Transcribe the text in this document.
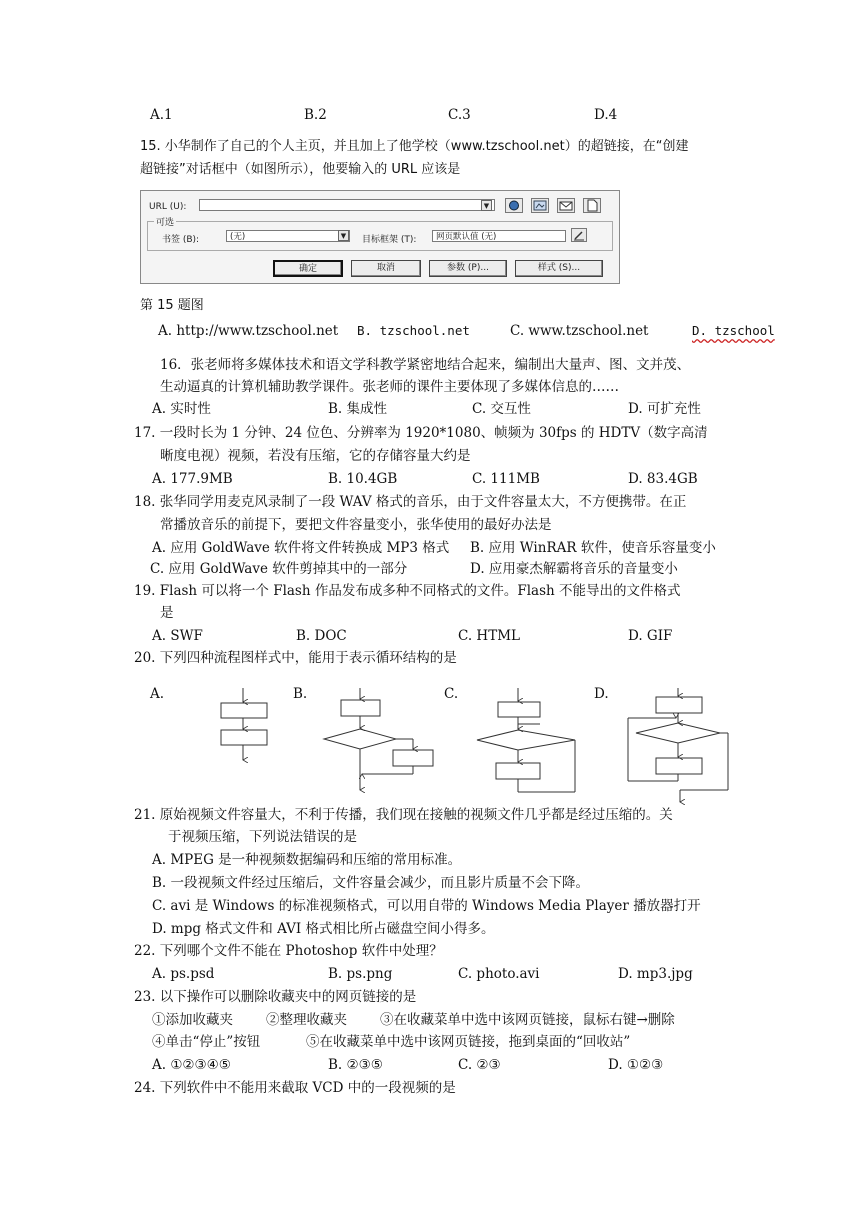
A.1	B.2	C.3	D.4
15. 小华制作了自己的个人主页，并且加上了他学校（www.tzschool.net）的超链接，在“创建
超链接”对话框中（如图所示），他要输入的 URL 应该是
URL (U):	▼
可选
书签 (B):	(无)	▼	目标框架 (T):	网页默认值 (无)
确定	取消	参数 (P)...	样式 (S)...
第 15 题图
A. http://www.tzschool.net B. tzschool.net	C. www.tzschool.net	D. tzschool
16．张老师将多媒体技术和语文学科教学紧密地结合起来，编制出大量声、图、文并茂、
生动逼真的计算机辅助教学课件。张老师的课件主要体现了多媒体信息的……
A. 实时性	B. 集成性	C. 交互性	D. 可扩充性
17. 一段时长为 1 分钟、24 位色、分辨率为 1920*1080、帧频为 30fps 的 HDTV（数字高清
晰度电视）视频，若没有压缩，它的存储容量大约是
A. 177.9MB	B. 10.4GB	C. 111MB	D. 83.4GB
18. 张华同学用麦克风录制了一段 WAV 格式的音乐，由于文件容量太大，不方便携带。在正
常播放音乐的前提下，要把文件容量变小，张华使用的最好办法是
A. 应用 GoldWave 软件将文件转换成 MP3 格式 B. 应用 WinRAR 软件，使音乐容量变小
C. 应用 GoldWave 软件剪掉其中的一部分	D. 应用豪杰解霸将音乐的音量变小
19. Flash 可以将一个 Flash 作品发布成多种不同格式的文件。Flash 不能导出的文件格式
是
A. SWF	B. DOC	C. HTML	D. GIF
20. 下列四种流程图样式中，能用于表示循环结构的是
A.	B.	C.	D.
21. 原始视频文件容量大，不利于传播，我们现在接触的视频文件几乎都是经过压缩的。关
于视频压缩，下列说法错误的是
A. MPEG 是一种视频数据编码和压缩的常用标准。
B. 一段视频文件经过压缩后，文件容量会减少，而且影片质量不会下降。
C. avi 是 Windows 的标准视频格式，可以用自带的 Windows Media Player 播放器打开
D. mpg 格式文件和 AVI 格式相比所占磁盘空间小得多。
22. 下列哪个文件不能在 Photoshop 软件中处理？
A. ps.psd	B. ps.png	C. photo.avi	D. mp3.jpg
23. 以下操作可以删除收藏夹中的网页链接的是
①添加收藏夹 ②整理收藏夹 ③在收藏菜单中选中该网页链接，鼠标右键→删除
④单击“停止”按钮	⑤在收藏菜单中选中该网页链接，拖到桌面的“回收站”
A. ①②③④⑤	B. ②③⑤	C. ②③	D. ①②③
24. 下列软件中不能用来截取 VCD 中的一段视频的是
